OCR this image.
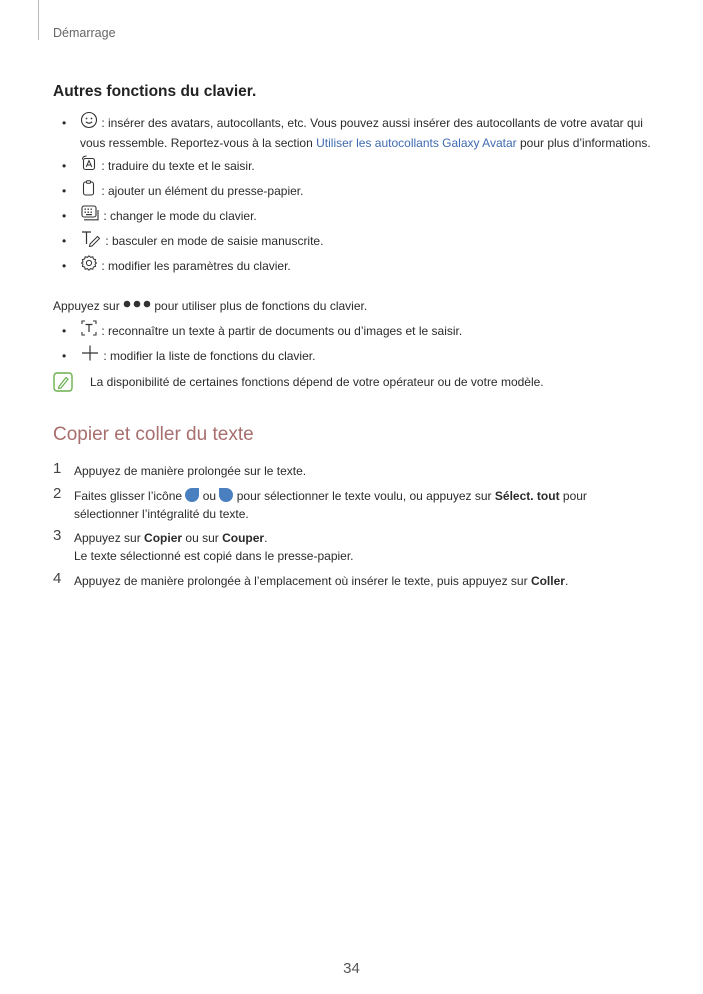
Démarrage
Autres fonctions du clavier.
•	: insérer des avatars, autocollants, etc. Vous pouvez aussi insérer des autocollants de votre avatar qui vous ressemble. Reportez-vous à la section Utiliser les autocollants Galaxy Avatar pour plus d’informations.
•	: traduire du texte et le saisir.
•	: ajouter un élément du presse-papier.
•	: changer le mode du clavier.
•	: basculer en mode de saisie manuscrite.
•	: modifier les paramètres du clavier.
Appuyez sur  pour utiliser plus de fonctions du clavier.
•	: reconnaître un texte à partir de documents ou d’images et le saisir.
•	: modifier la liste de fonctions du clavier.
La disponibilité de certaines fonctions dépend de votre opérateur ou de votre modèle.
Copier et coller du texte
1 Appuyez de manière prolongée sur le texte.
2 Faites glisser l’icône  ou  pour sélectionner le texte voulu, ou appuyez sur Sélect. tout pour sélectionner l’intégralité du texte.
3 Appuyez sur Copier ou sur Couper.
Le texte sélectionné est copié dans le presse-papier.
4 Appuyez de manière prolongée à l’emplacement où insérer le texte, puis appuyez sur Coller.
34
